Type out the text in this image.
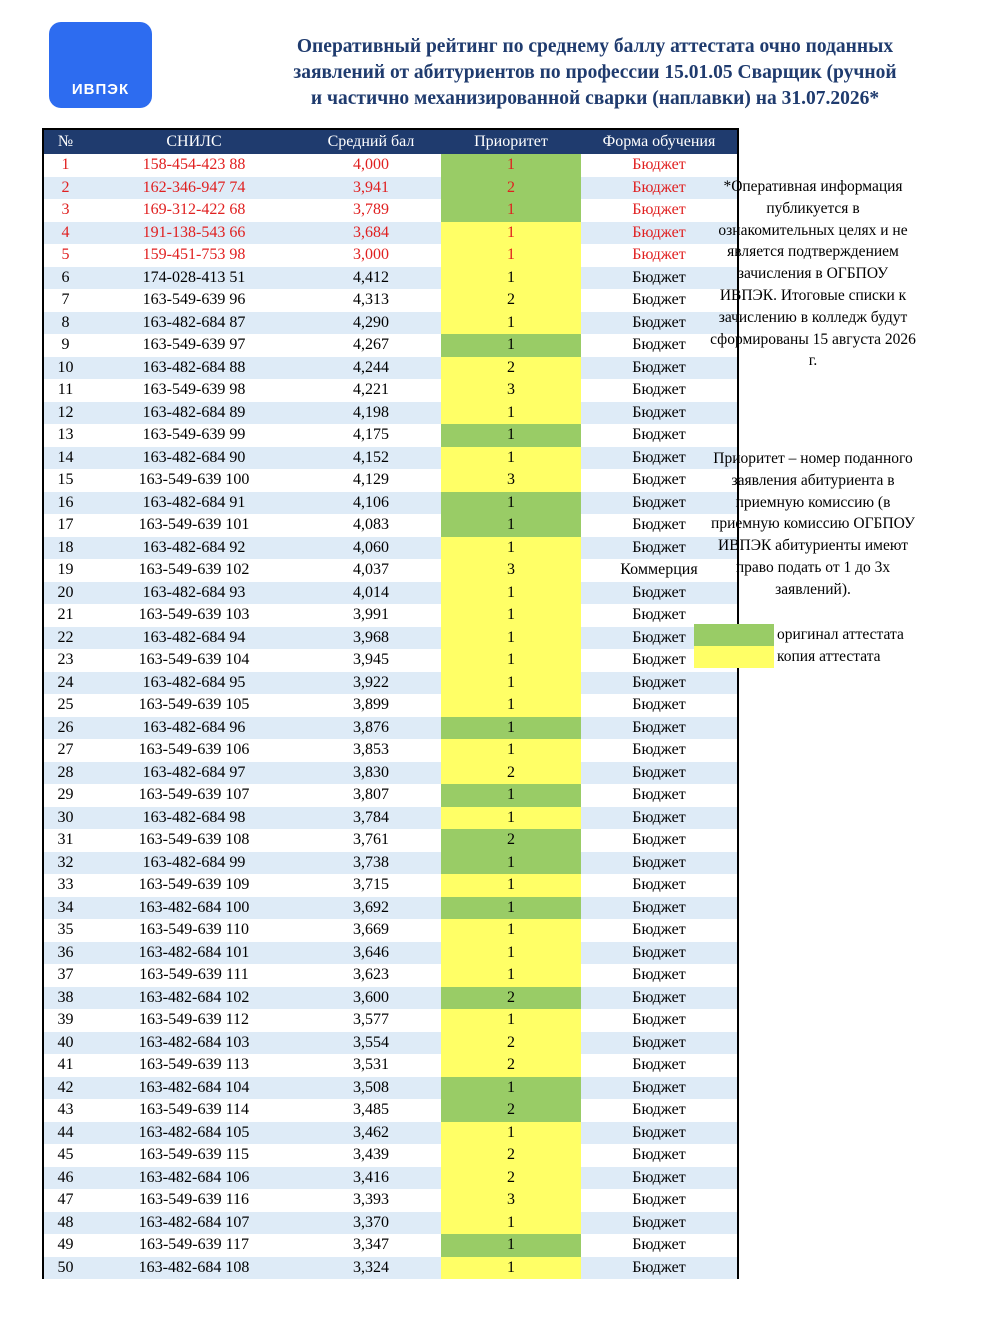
ИВПЭК
Оперативный рейтинг по среднему баллу аттестата очно поданных
заявлений от абитуриентов по профессии 15.01.05 Сварщик (ручной
и частично механизированной сварки (наплавки) на 31.07.2026*
№	СНИЛС	Средний бал	Приоритет	Форма обучения
1	158-454-423 88	4,000	1	Бюджет
2	162-346-947 74	3,941	2	Бюджет
3	169-312-422 68	3,789	1	Бюджет
4	191-138-543 66	3,684	1	Бюджет
5	159-451-753 98	3,000	1	Бюджет
6	174-028-413 51	4,412	1	Бюджет
7	163-549-639 96	4,313	2	Бюджет
8	163-482-684 87	4,290	1	Бюджет
9	163-549-639 97	4,267	1	Бюджет
10	163-482-684 88	4,244	2	Бюджет
11	163-549-639 98	4,221	3	Бюджет
12	163-482-684 89	4,198	1	Бюджет
13	163-549-639 99	4,175	1	Бюджет
14	163-482-684 90	4,152	1	Бюджет
15	163-549-639 100	4,129	3	Бюджет
16	163-482-684 91	4,106	1	Бюджет
17	163-549-639 101	4,083	1	Бюджет
18	163-482-684 92	4,060	1	Бюджет
19	163-549-639 102	4,037	3	Коммерция
20	163-482-684 93	4,014	1	Бюджет
21	163-549-639 103	3,991	1	Бюджет
22	163-482-684 94	3,968	1	Бюджет
23	163-549-639 104	3,945	1	Бюджет
24	163-482-684 95	3,922	1	Бюджет
25	163-549-639 105	3,899	1	Бюджет
26	163-482-684 96	3,876	1	Бюджет
27	163-549-639 106	3,853	1	Бюджет
28	163-482-684 97	3,830	2	Бюджет
29	163-549-639 107	3,807	1	Бюджет
30	163-482-684 98	3,784	1	Бюджет
31	163-549-639 108	3,761	2	Бюджет
32	163-482-684 99	3,738	1	Бюджет
33	163-549-639 109	3,715	1	Бюджет
34	163-482-684 100	3,692	1	Бюджет
35	163-549-639 110	3,669	1	Бюджет
36	163-482-684 101	3,646	1	Бюджет
37	163-549-639 111	3,623	1	Бюджет
38	163-482-684 102	3,600	2	Бюджет
39	163-549-639 112	3,577	1	Бюджет
40	163-482-684 103	3,554	2	Бюджет
41	163-549-639 113	3,531	2	Бюджет
42	163-482-684 104	3,508	1	Бюджет
43	163-549-639 114	3,485	2	Бюджет
44	163-482-684 105	3,462	1	Бюджет
45	163-549-639 115	3,439	2	Бюджет
46	163-482-684 106	3,416	2	Бюджет
47	163-549-639 116	3,393	3	Бюджет
48	163-482-684 107	3,370	1	Бюджет
49	163-549-639 117	3,347	1	Бюджет
50	163-482-684 108	3,324	1	Бюджет
*Оперативная информация
публикуется в
ознакомительных целях и не
является подтверждением
зачисления в ОГБПОУ
ИВПЭК. Итоговые списки к
зачислению в колледж будут
сформированы 15 августа 2026
г.
Приоритет – номер поданного
заявления абитуриента в
приемную комиссию (в
приемную комиссию ОГБПОУ
ИВПЭК абитуриенты имеют
право подать от 1 до 3х
заявлений).
оригинал аттестата
копия аттестата
